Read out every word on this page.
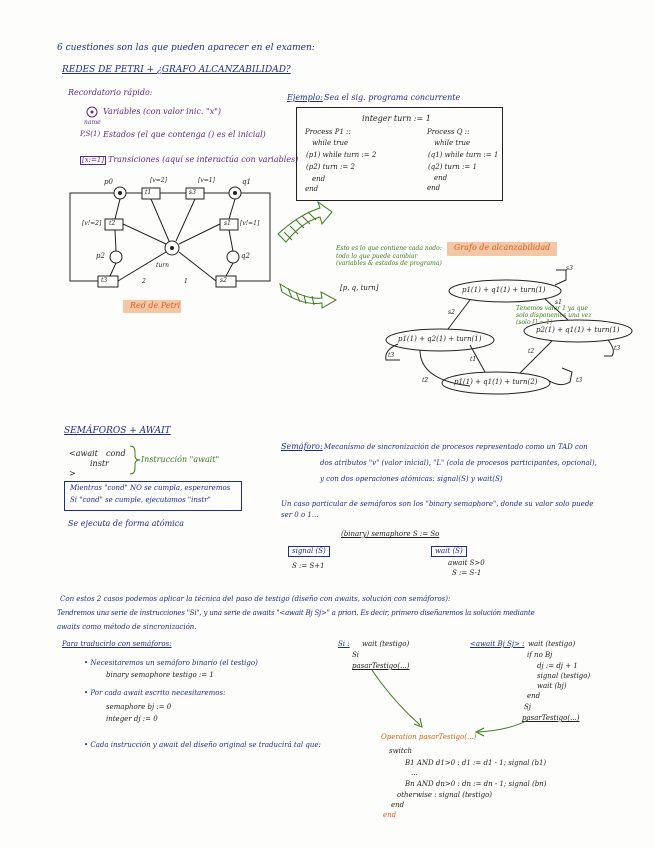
6 cuestiones son las que pueden aparecer en el examen:
REDES DE PETRI + ¿GRAFO ALCANZABILIDAD?
Recordatorio rápido:
name
Variables (con valor inic. "x")
P,S(1) Estados (el que contenga () es el inicial)
[x:=1] Transiciones (aquí se interactúa con variables)
p0	q1
t1	s3
t2	s1
t3	s2
p2	q2
turn
[v=2]	[v=1]
[v!=2]	[v!=1]
2	1
Red de Petri
Ejemplo: Sea el sig. programa concurrente
integer turn := 1
Process P1 ::
while true
(p1) while turn := 2
(p2) turn := 2
end
end
Process Q ::
while true
(q1) while turn := 1
(q2) turn := 1
end
end
Esto es lo que contiene cada nodo: todo lo que puede cambiar (variables & estados de programa)
[p, q, turn]
Grafo de alcanzabilidad
p1(1) + q1(1) + turn(1)
p1(1) + q2(1) + turn(1)
p2(1) + q1(1) + turn(1)
p1(1) + q1(1) + turn(2)
Tenemos valor 1 ya que solo disponemos una vez (solo [] = 1)
s3
s2
s1
t3
t1
t2	t3
t2	t3
SEMÁFOROS + AWAIT
<await cond
instr
>
Instrucción "await"
Mientras "cond" NO se cumpla, esperaremos
Si "cond" se cumple, ejecutamos "instr"
Se ejecuta de forma atómica
Semáforo: Mecanismo de sincronización de procesos representado como un TAD con
dos atributos "v" (valor inicial), "L" (cola de procesos participantes, opcional),
y con dos operaciones atómicas: signal(S) y wait(S)
Un caso particular de semáforos son los "binary semaphore", donde su valor solo puede
ser 0 o 1...
(binary) semaphore S := So
signal (S)
S := S+1
wait (S)
await S>0
S := S-1
Con estos 2 casos podemos aplicar la técnica del paso de testigo (diseño con awaits, solución con semáforos):
Tendremos una serie de instrucciones "Si", y una serie de awaits "<await Bj Sj>" a priori. Es decir, primero diseñaremos la solución mediante
awaits como método de sincronización.
Para traducirlo con semáforos:
• Necesitaremos un semáforo binario (el testigo)
binary semaphore testigo := 1
• Por cada await escrito necesitaremos:
semaphore bj := 0
integer dj := 0
• Cada instrucción y await del diseño original se traducirá tal que:
Si : wait (testigo)
Si
pasarTestigo(...)
<await Bj Sj> : wait (testigo)
if no Bj
dj := dj + 1
signal (testigo)
wait (bj)
end
Sj
pasarTestigo(...)
Operation pasarTestigo(...)
switch
B1 AND d1>0 : d1 := d1 - 1; signal (b1)
...
Bn AND dn>0 : dn := dn - 1; signal (bn)
otherwise : signal (testigo)
end
end
